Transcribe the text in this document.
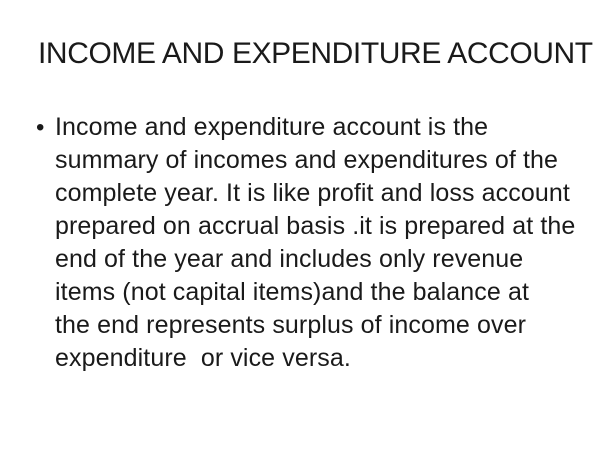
INCOME AND EXPENDITURE ACCOUNT
• Income and expenditure account is the
summary of incomes and expenditures of the
complete year. It is like profit and loss account
prepared on accrual basis .it is prepared at the
end of the year and includes only revenue
items (not capital items)and the balance at
the end represents surplus of income over
expenditure  or vice versa.
